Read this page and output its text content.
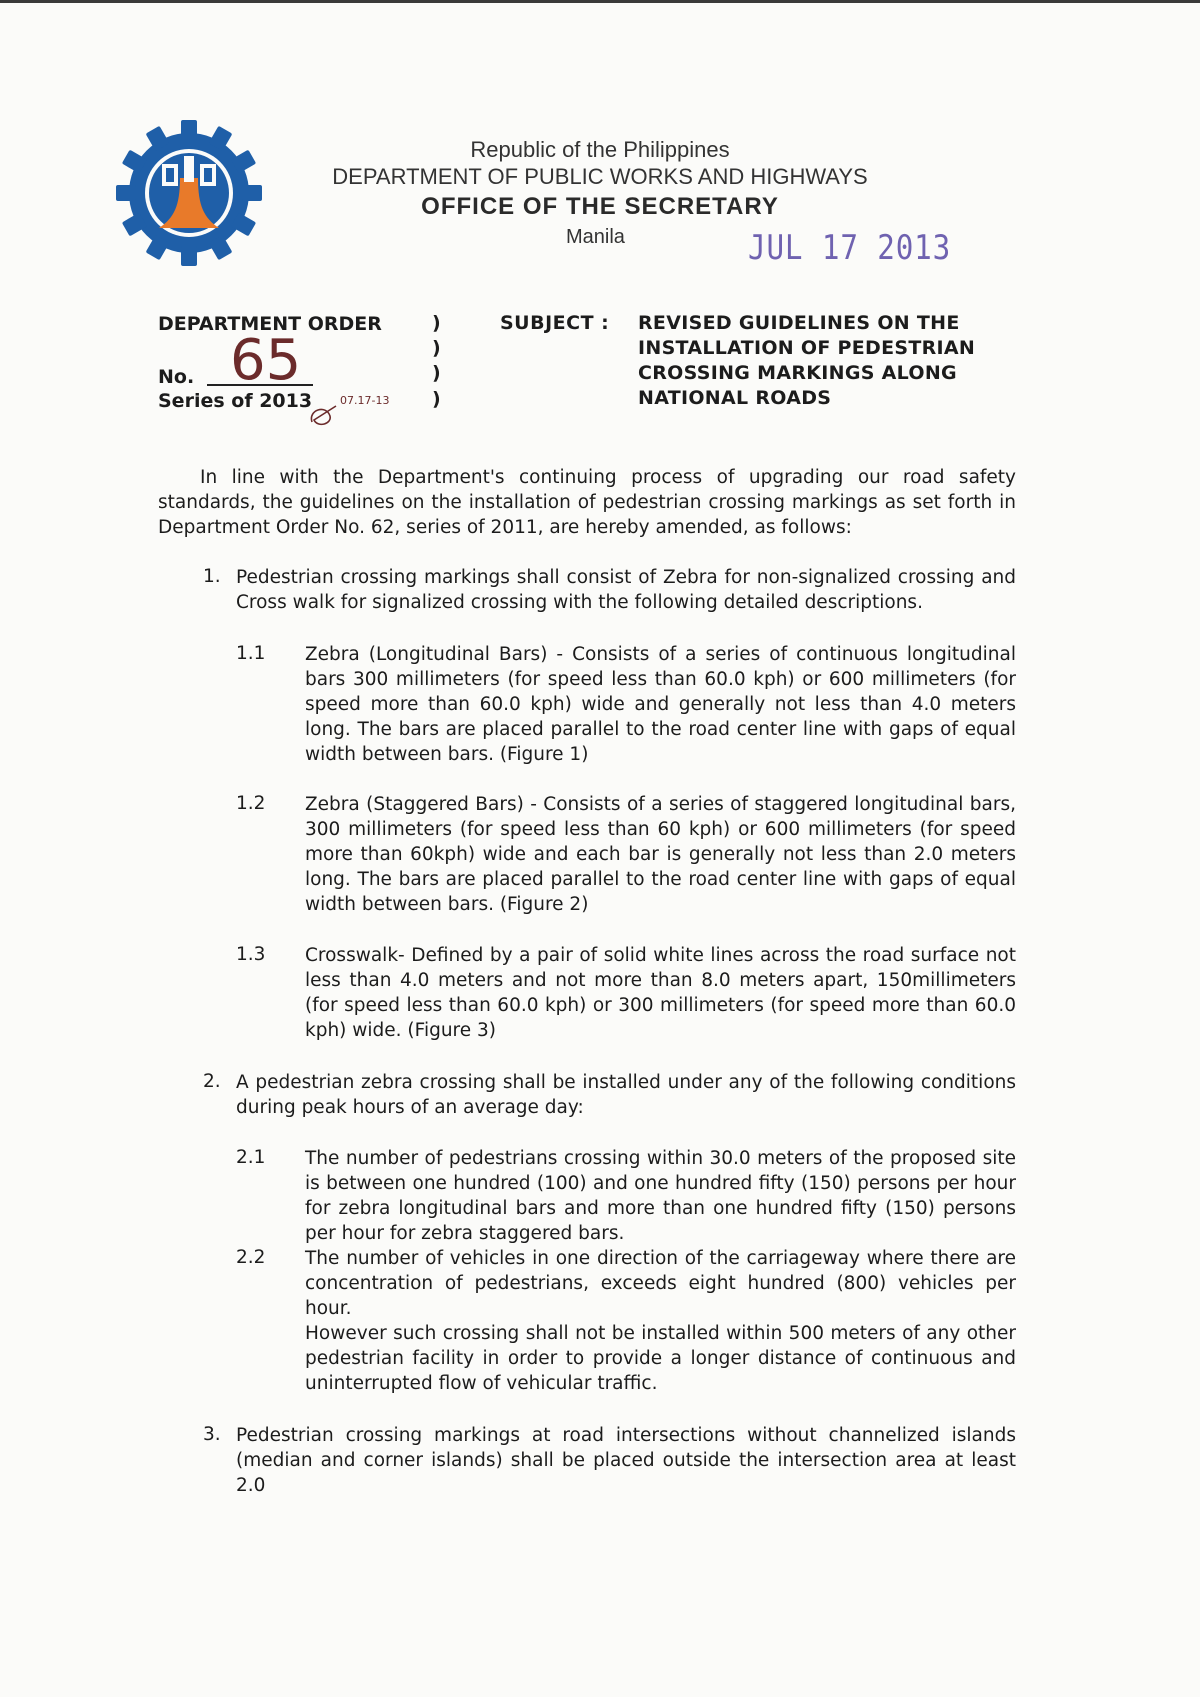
Republic of the Philippines
DEPARTMENT OF PUBLIC WORKS AND HIGHWAYS
OFFICE OF THE SECRETARY
Manila	JUL 17 2013
DEPARTMENT ORDER
No. 65
Series of 2013	07.17-13
)
)
)
)
SUBJECT : REVISED GUIDELINES ON THE
INSTALLATION OF PEDESTRIAN
CROSSING MARKINGS ALONG
NATIONAL ROADS
In line with the Department's continuing process of upgrading our road safety standards, the guidelines on the installation of pedestrian crossing markings as set forth in Department Order No. 62, series of 2011, are hereby amended, as follows:
1. Pedestrian crossing markings shall consist of Zebra for non-signalized crossing and Cross walk for signalized crossing with the following detailed descriptions.
1.1 Zebra (Longitudinal Bars) - Consists of a series of continuous longitudinal bars 300 millimeters (for speed less than 60.0 kph) or 600 millimeters (for speed more than 60.0 kph) wide and generally not less than 4.0 meters long. The bars are placed parallel to the road center line with gaps of equal width between bars. (Figure 1)
1.2 Zebra (Staggered Bars) - Consists of a series of staggered longitudinal bars, 300 millimeters (for speed less than 60 kph) or 600 millimeters (for speed more than 60kph) wide and each bar is generally not less than 2.0 meters long. The bars are placed parallel to the road center line with gaps of equal width between bars. (Figure 2)
1.3 Crosswalk- Defined by a pair of solid white lines across the road surface not less than 4.0 meters and not more than 8.0 meters apart, 150millimeters (for speed less than 60.0 kph) or 300 millimeters (for speed more than 60.0 kph) wide. (Figure 3)
2. A pedestrian zebra crossing shall be installed under any of the following conditions during peak hours of an average day:
2.1 The number of pedestrians crossing within 30.0 meters of the proposed site is between one hundred (100) and one hundred fifty (150) persons per hour for zebra longitudinal bars and more than one hundred fifty (150) persons per hour for zebra staggered bars.
2.2 The number of vehicles in one direction of the carriageway where there are concentration of pedestrians, exceeds eight hundred (800) vehicles per hour.
However such crossing shall not be installed within 500 meters of any other pedestrian facility in order to provide a longer distance of continuous and uninterrupted flow of vehicular traffic.
3. Pedestrian crossing markings at road intersections without channelized islands (median and corner islands) shall be placed outside the intersection area at least 2.0
